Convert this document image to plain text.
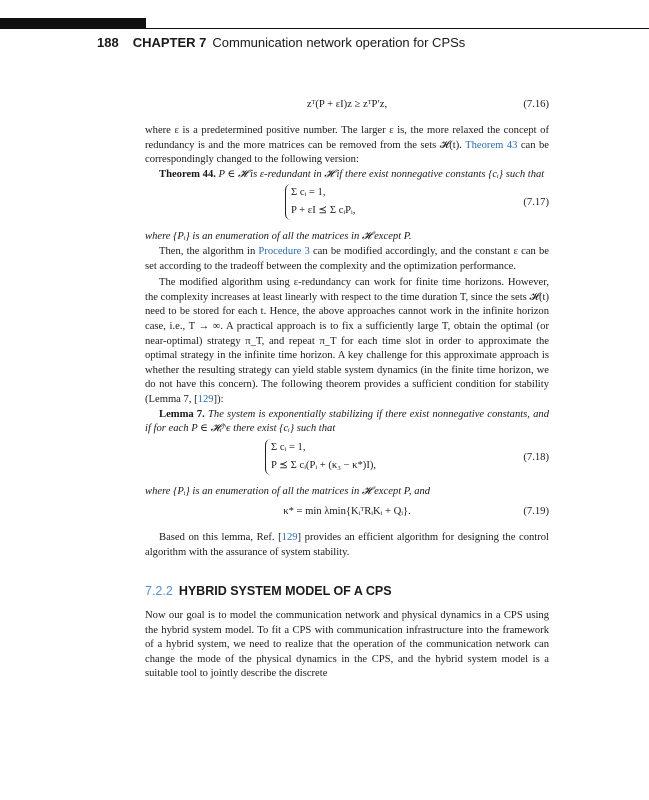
188 CHAPTER 7 Communication network operation for CPSs
zᵀ(P + εI)z ≥ zᵀP′z,	(7.16)

where ε is a predetermined positive number. The larger ε is, the more relaxed the concept of redundancy is and the more matrices can be removed from the sets 𝓗(t). Theorem 43 can be correspondingly changed to the following version:

Theorem 44. P ∈ 𝓗 is ε-redundant in 𝓗 if there exist nonnegative constants {cᵢ} such that

Σ cᵢ = 1,
P + εI ⪯ Σ cᵢPᵢ,
(7.17)

where {Pᵢ} is an enumeration of all the matrices in 𝓗 except P.

Then, the algorithm in Procedure 3 can be modified accordingly, and the constant ε can be set according to the tradeoff between the complexity and the optimization performance.

The modified algorithm using ε-redundancy can work for finite time horizons. However, the complexity increases at least linearly with respect to the time duration T, since the sets 𝓗(t) need to be stored for each t. Hence, the above approaches cannot work in the infinite horizon case, i.e., T → ∞. A practical approach is to fix a sufficiently large T, obtain the optimal (or near-optimal) strategy π_T, and repeat π_T for each time slot in order to approximate the optimal strategy in the infinite time horizon. A key challenge for this approximate approach is whether the resulting strategy can yield stable system dynamics (in the finite time horizon, we do not have this concern). The following theorem provides a sufficient condition for stability (Lemma 7, [129]):

Lemma 7. The system is exponentially stabilizing if there exist nonnegative constants, and if for each P ∈ 𝓗ᵢ^ε there exist {cᵢ} such that

Σ cᵢ = 1,
P ⪯ Σ cᵢ(Pᵢ + (κ₃ − κ*)I),
(7.18)

where {Pᵢ} is an enumeration of all the matrices in 𝓗 except P, and

κ* = min λmin{KᵢᵀRᵢKᵢ + Qᵢ}.	(7.19)

Based on this lemma, Ref. [129] provides an efficient algorithm for designing the control algorithm with the assurance of system stability.

7.2.2 HYBRID SYSTEM MODEL OF A CPS

Now our goal is to model the communication network and physical dynamics in a CPS using the hybrid system model. To fit a CPS with communication infrastructure into the framework of a hybrid system, we need to realize that the operation of the communication network can change the mode of the physical dynamics in the CPS, and the hybrid system model is a suitable tool to jointly describe the discrete
